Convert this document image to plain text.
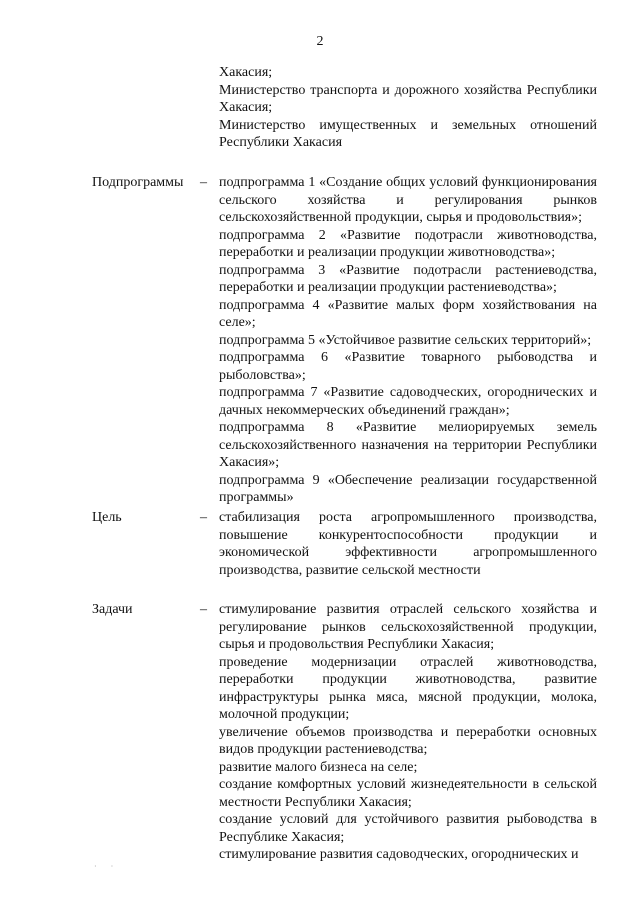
2

Хакасия;

Министерство транспорта и дорожного хозяйства Республики Хакасия;

Министерство имущественных и земельных отношений Республики Хакасия

Подпрограммы – подпрограмма 1 «Создание общих условий функционирования сельского хозяйства и регулирования рынков сельскохозяйственной продукции, сырья и продовольствия»;

подпрограмма 2 «Развитие подотрасли животноводства, переработки и реализации продукции животноводства»;

подпрограмма 3 «Развитие подотрасли растениеводства, переработки и реализации продукции растениеводства»;

подпрограмма 4 «Развитие малых форм хозяйствования на селе»;

подпрограмма 5 «Устойчивое развитие сельских территорий»;

подпрограмма 6 «Развитие товарного рыбоводства и рыболовства»;

подпрограмма 7 «Развитие садоводческих, огороднических и дачных некоммерческих объединений граждан»;

подпрограмма 8 «Развитие мелиорируемых земель сельскохозяйственного назначения на территории Республики Хакасия»;

подпрограмма 9 «Обеспечение реализации государственной программы»

Цель	– стабилизация роста агропромышленного производства, повышение конкурентоспособности продукции и экономической эффективности агропромышленного производства, развитие сельской местности

Задачи	– стимулирование развития отраслей сельского хозяйства и регулирование рынков сельскохозяйственной продукции, сырья и продовольствия Республики Хакасия;

проведение модернизации отраслей животноводства, переработки продукции животноводства, развитие инфраструктуры рынка мяса, мясной продукции, молока, молочной продукции;

увеличение объемов производства и переработки основных видов продукции растениеводства;

развитие малого бизнеса на селе;

создание комфортных условий жизнедеятельности в сельской местности Республики Хакасия;

создание условий для устойчивого развития рыбоводства в Республике Хакасия;

стимулирование развития садоводческих, огороднических и

· ·
